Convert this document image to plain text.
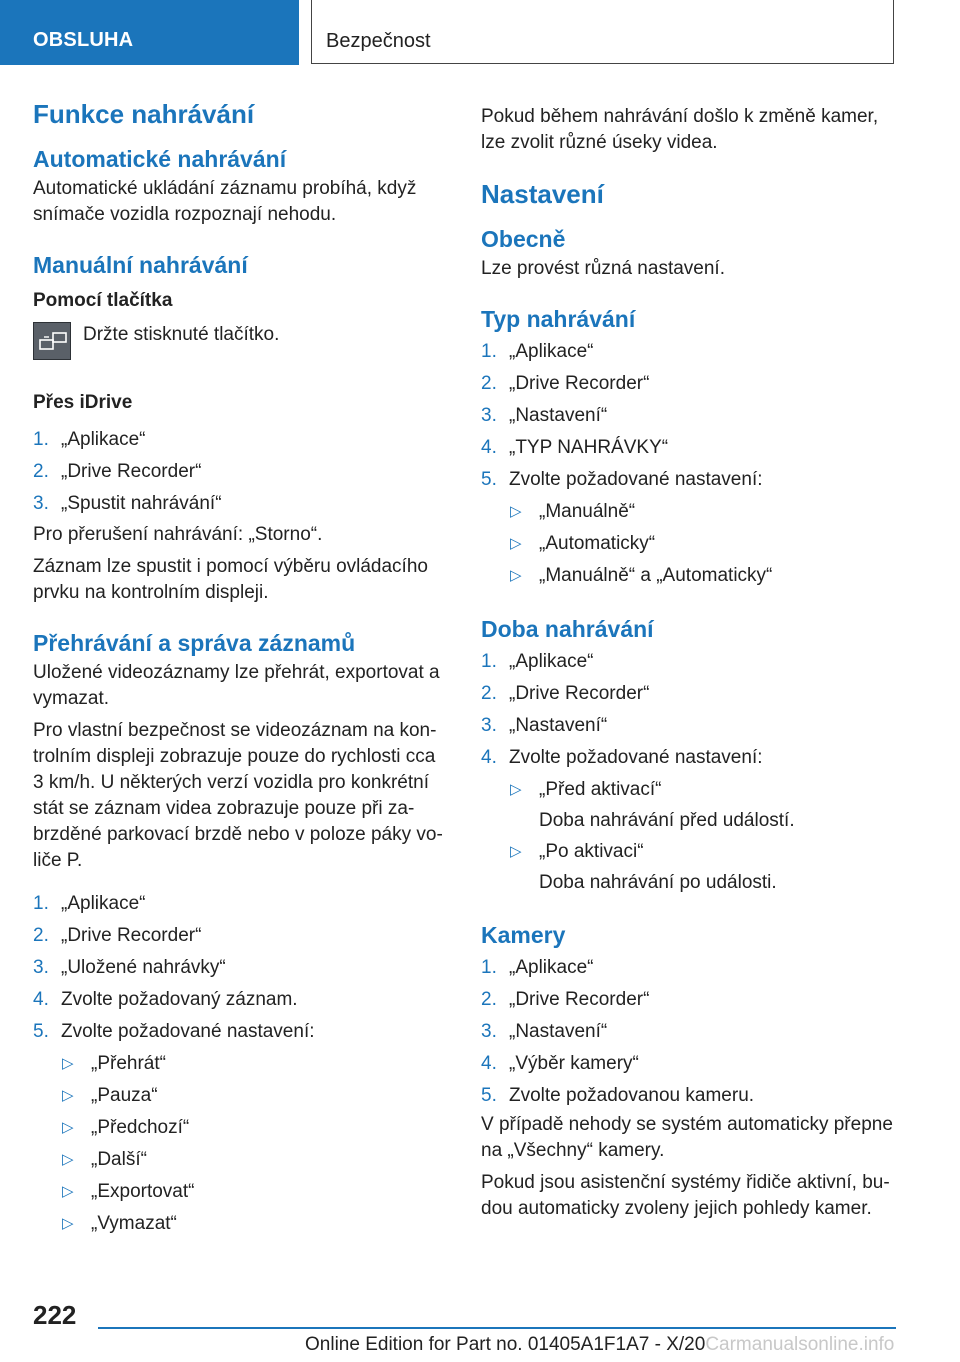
OBSLUHA	Bezpečnost
Funkce nahrávání
Automatické nahrávání

Automatické ukládání záznamu probíhá, když snímače vozidla rozpoznají nehodu.

Manuální nahrávání
Pomocí tlačítka
Držte stisknuté tlačítko.
Přes iDrive
1. „Aplikace“
2. „Drive Recorder“
3. „Spustit nahrávání“

Pro přerušení nahrávání: „Storno“.

Záznam lze spustit i pomocí výběru ovládacího prvku na kontrolním displeji.

Přehrávání a správa záznamů

Uložené videozáznamy lze přehrát, exportovat a vymazat.

Pro vlastní bezpečnost se videozáznam na kontrolním displeji zobrazuje pouze do rychlosti cca 3 km/h. U některých verzí vozidla pro konkrétní stát se záznam videa zobrazuje pouze při zabrzděné parkovací brzdě nebo v poloze páky voliče P.

1. „Aplikace“
2. „Drive Recorder“
3. „Uložené nahrávky“
4. Zvolte požadovaný záznam.
5. Zvolte požadované nastavení:
▷ „Přehrát“
▷ „Pauza“
▷ „Předchozí“
▷ „Další“
▷ „Exportovat“
▷ „Vymazat“

Pokud během nahrávání došlo k změně kamer, lze zvolit různé úseky videa.

Nastavení
Obecně

Lze provést různá nastavení.

Typ nahrávání
1. „Aplikace“
2. „Drive Recorder“
3. „Nastavení“
4. „TYP NAHRÁVKY“
5. Zvolte požadované nastavení:
▷ „Manuálně“
▷ „Automaticky“
▷ „Manuálně“ a „Automaticky“
Doba nahrávání
1. „Aplikace“
2. „Drive Recorder“
3. „Nastavení“
4. Zvolte požadované nastavení:
▷ „Před aktivací“
Doba nahrávání před událostí.
▷ „Po aktivaci“
Doba nahrávání po události.
Kamery
1. „Aplikace“
2. „Drive Recorder“
3. „Nastavení“
4. „Výběr kamery“
5. Zvolte požadovanou kameru.

V případě nehody se systém automaticky přepne na „Všechny“ kamery.

Pokud jsou asistenční systémy řidiče aktivní, budou automaticky zvoleny jejich pohledy kamer.

222
Online Edition for Part no. 01405A1F1A7 - X/20Carmanualsonline.info
